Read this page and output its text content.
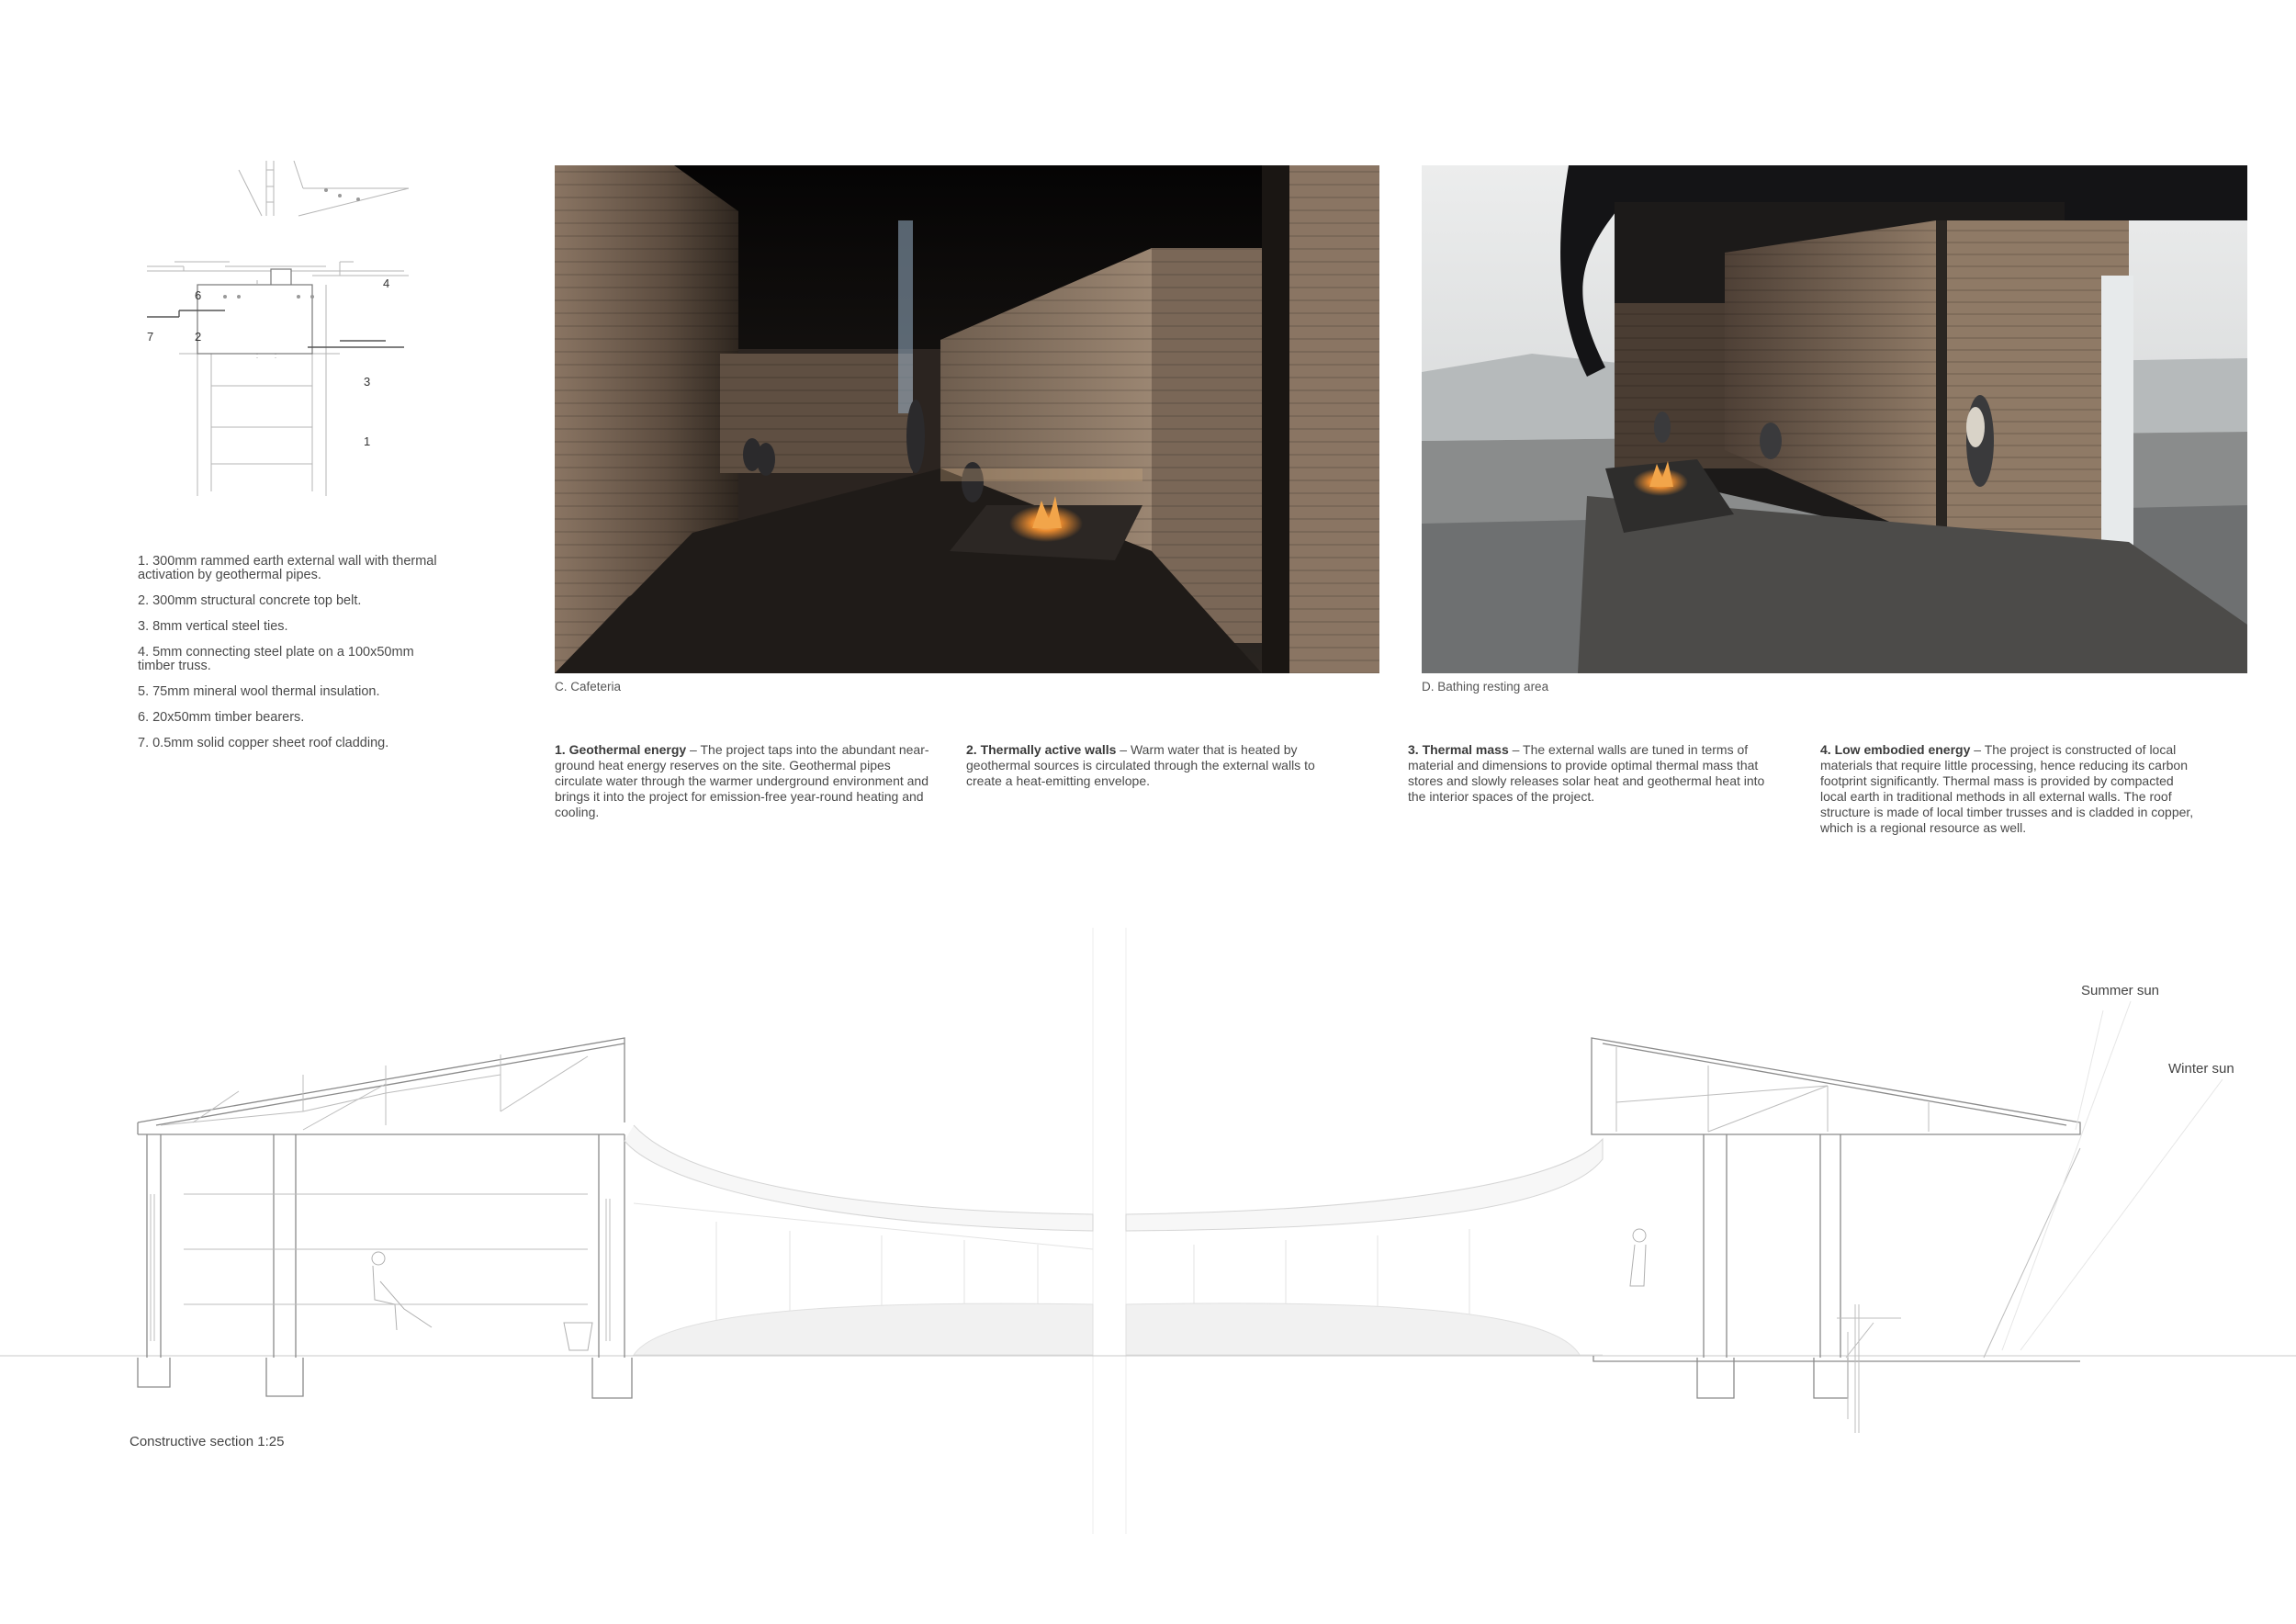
6
4
7	2
3
1

1. 300mm rammed earth external wall with thermal activation by geothermal pipes.

2. 300mm structural concrete top belt.

3. 8mm vertical steel ties.

4. 5mm connecting steel plate on a 100x50mm timber truss.

5. 75mm mineral wool thermal insulation.

6. 20x50mm timber bearers.

7. 0.5mm solid copper sheet roof cladding.

C. Cafeteria	D. Bathing resting area
1. Geothermal energy – The project taps into the abundant near-ground heat energy reserves on the site. Geothermal pipes circulate water through the warmer underground environment and brings it into the project for emission-free year-round heating and cooling.
2. Thermally active walls – Warm water that is heated by geothermal sources is circulated through the external walls to create a heat-emitting envelope.
3. Thermal mass – The external walls are tuned in terms of material and dimensions to provide optimal thermal mass that stores and slowly releases solar heat and geothermal heat into the interior spaces of the project.
4. Low embodied energy – The project is constructed of local materials that require little processing, hence reducing its carbon footprint significantly. Thermal mass is provided by compacted local earth in traditional methods in all external walls. The roof structure is made of local timber trusses and is cladded in copper, which is a regional resource as well.
Constructive section 1:25
Summer sun
Winter sun
